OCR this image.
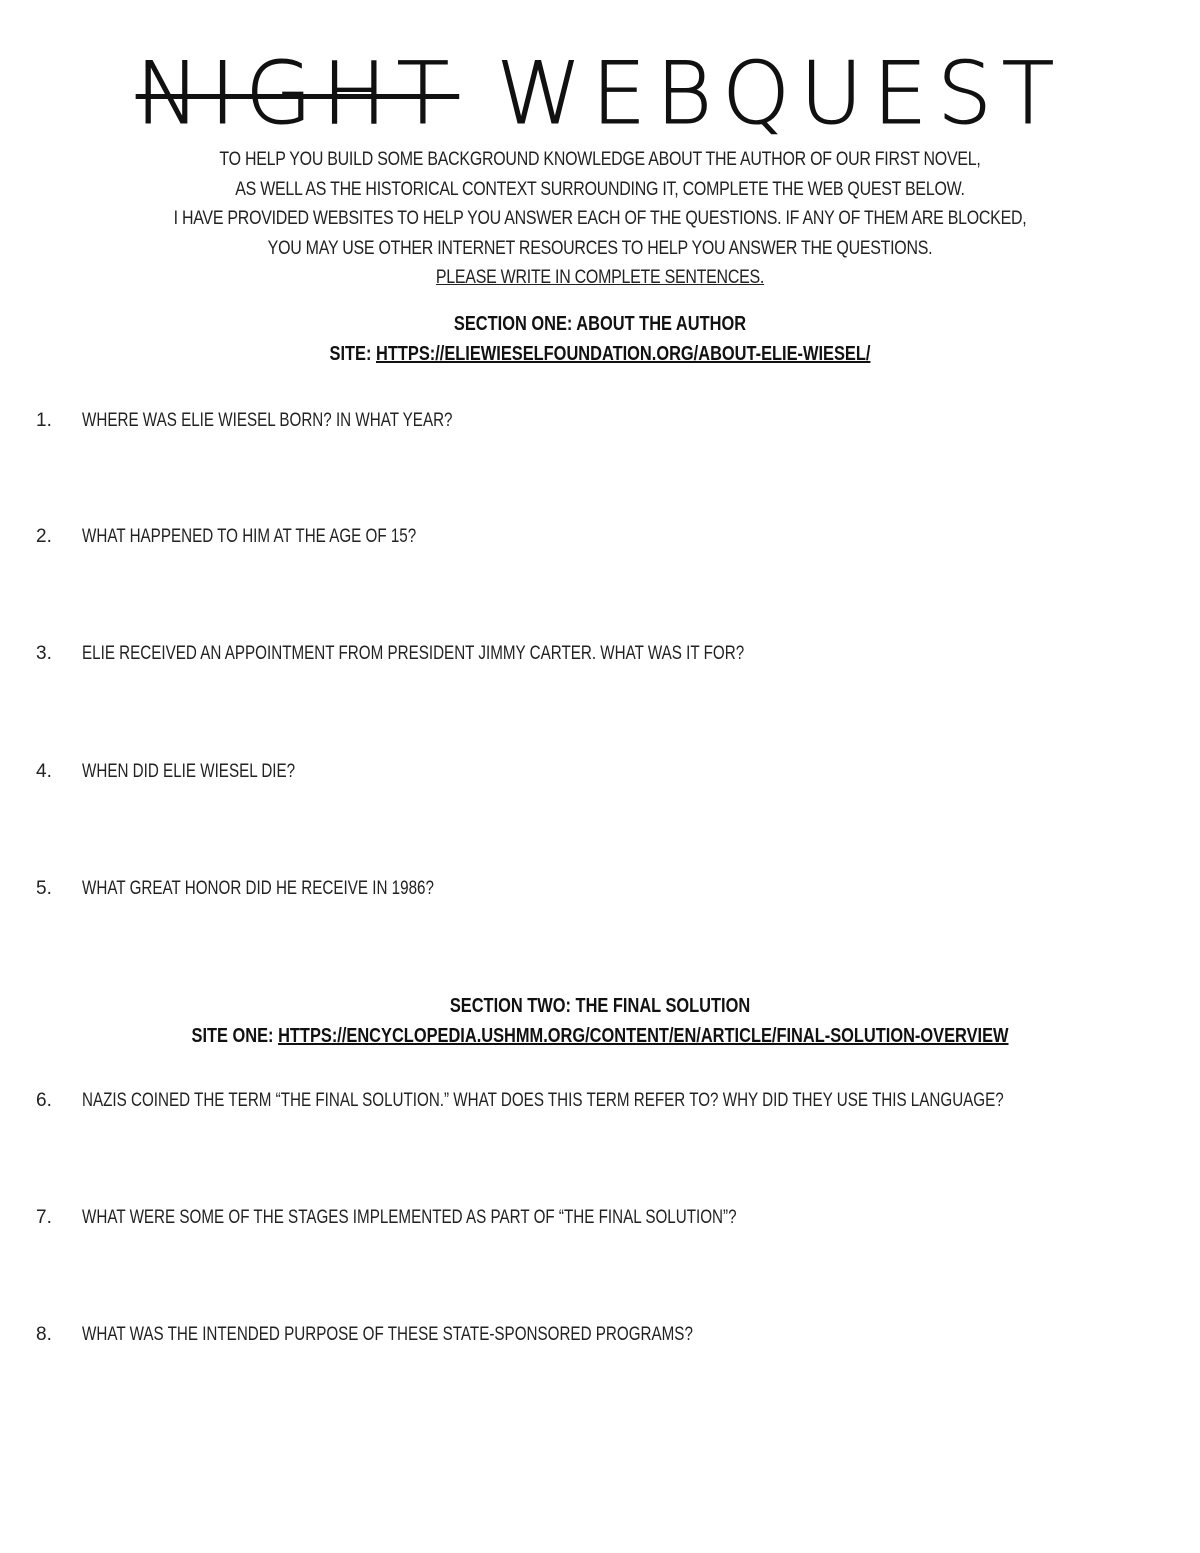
NIGHT WEBQUEST
TO HELP YOU BUILD SOME BACKGROUND KNOWLEDGE ABOUT THE AUTHOR OF OUR FIRST NOVEL,
AS WELL AS THE HISTORICAL CONTEXT SURROUNDING IT, COMPLETE THE WEB QUEST BELOW.
I HAVE PROVIDED WEBSITES TO HELP YOU ANSWER EACH OF THE QUESTIONS. IF ANY OF THEM ARE BLOCKED,
YOU MAY USE OTHER INTERNET RESOURCES TO HELP YOU ANSWER THE QUESTIONS.
PLEASE WRITE IN COMPLETE SENTENCES.
SECTION ONE: ABOUT THE AUTHOR
SITE: HTTPS://ELIEWIESELFOUNDATION.ORG/ABOUT-ELIE-WIESEL/
1. WHERE WAS ELIE WIESEL BORN? IN WHAT YEAR?
2. WHAT HAPPENED TO HIM AT THE AGE OF 15?
3. ELIE RECEIVED AN APPOINTMENT FROM PRESIDENT JIMMY CARTER. WHAT WAS IT FOR?
4. WHEN DID ELIE WIESEL DIE?
5. WHAT GREAT HONOR DID HE RECEIVE IN 1986?
SECTION TWO: THE FINAL SOLUTION
SITE ONE: HTTPS://ENCYCLOPEDIA.USHMM.ORG/CONTENT/EN/ARTICLE/FINAL-SOLUTION-OVERVIEW
6. NAZIS COINED THE TERM “THE FINAL SOLUTION.” WHAT DOES THIS TERM REFER TO? WHY DID THEY USE THIS LANGUAGE?
7. WHAT WERE SOME OF THE STAGES IMPLEMENTED AS PART OF “THE FINAL SOLUTION”?
8. WHAT WAS THE INTENDED PURPOSE OF THESE STATE-SPONSORED PROGRAMS?
